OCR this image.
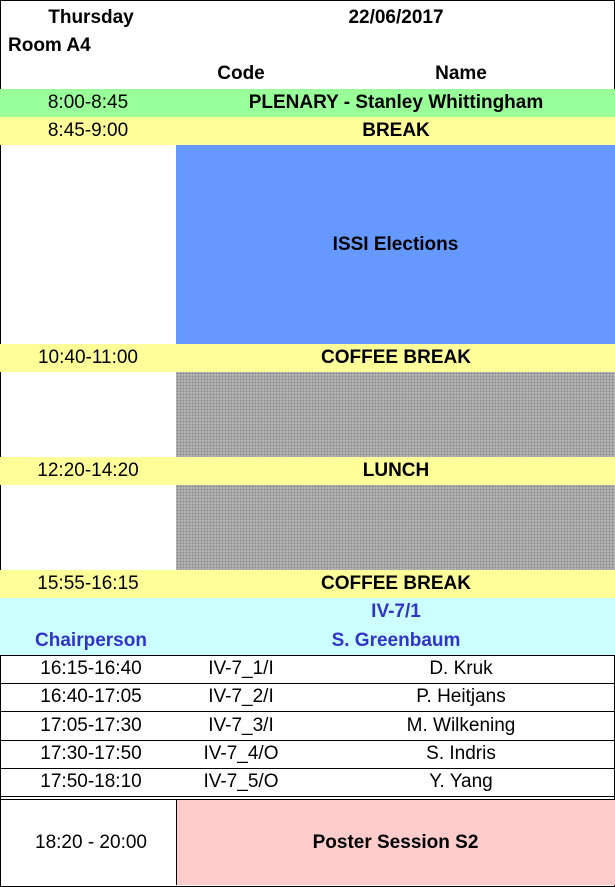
Thursday	22/06/2017
Room A4
Code	Name
8:00-8:45	PLENARY - Stanley Whittingham
8:45-9:00	BREAK
ISSI Elections
10:40-11:00	COFFEE BREAK
12:20-14:20	LUNCH
15:55-16:15	COFFEE BREAK
IV-7/1
Chairperson	S. Greenbaum
16:15-16:40	IV-7_1/I	D. Kruk
16:40-17:05	IV-7_2/I	P. Heitjans
17:05-17:30	IV-7_3/I	M. Wilkening
17:30-17:50	IV-7_4/O	S. Indris
17:50-18:10	IV-7_5/O	Y. Yang
18:20 - 20:00	Poster Session S2
